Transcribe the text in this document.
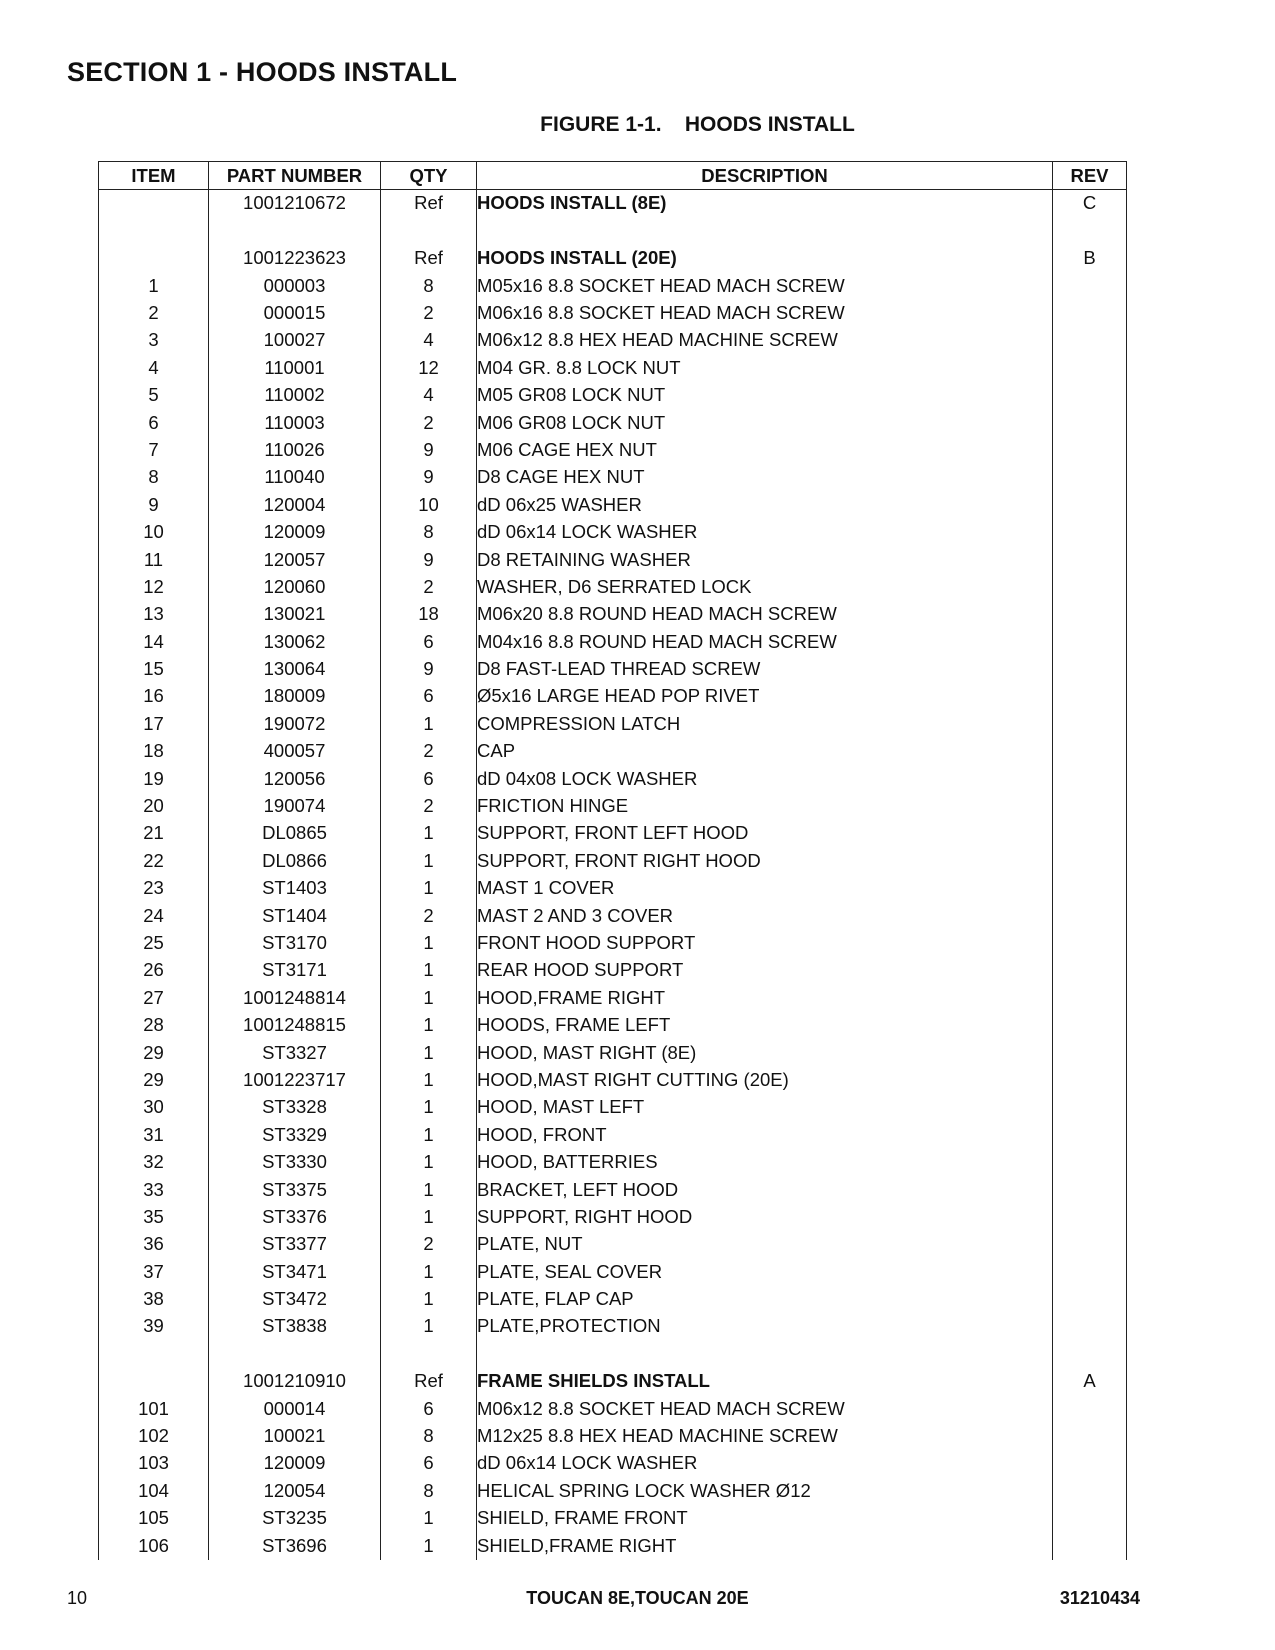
SECTION 1 - HOODS INSTALL
FIGURE 1-1.    HOODS INSTALL
ITEM	PART NUMBER	QTY	DESCRIPTION	REV
	1001210672	Ref	HOODS INSTALL (8E)	C

	1001223623	Ref	HOODS INSTALL (20E)	B
1	000003	8	M05x16 8.8 SOCKET HEAD MACH SCREW	
2	000015	2	M06x16 8.8 SOCKET HEAD MACH SCREW	
3	100027	4	M06x12 8.8 HEX HEAD MACHINE SCREW	
4	110001	12	M04 GR. 8.8 LOCK NUT	
5	110002	4	M05 GR08 LOCK NUT	
6	110003	2	M06 GR08 LOCK NUT	
7	110026	9	M06 CAGE HEX NUT	
8	110040	9	D8 CAGE HEX NUT	
9	120004	10	dD 06x25 WASHER	
10	120009	8	dD 06x14 LOCK WASHER	
11	120057	9	D8 RETAINING WASHER	
12	120060	2	WASHER, D6 SERRATED LOCK	
13	130021	18	M06x20 8.8 ROUND HEAD MACH SCREW	
14	130062	6	M04x16 8.8 ROUND HEAD MACH SCREW	
15	130064	9	D8 FAST-LEAD THREAD SCREW	
16	180009	6	Ø5x16 LARGE HEAD POP RIVET	
17	190072	1	COMPRESSION LATCH	
18	400057	2	CAP	
19	120056	6	dD 04x08 LOCK WASHER	
20	190074	2	FRICTION HINGE	
21	DL0865	1	SUPPORT, FRONT LEFT HOOD	
22	DL0866	1	SUPPORT, FRONT RIGHT HOOD	
23	ST1403	1	MAST 1 COVER	
24	ST1404	2	MAST 2 AND 3 COVER	
25	ST3170	1	FRONT HOOD SUPPORT	
26	ST3171	1	REAR HOOD SUPPORT	
27	1001248814	1	HOOD,FRAME RIGHT	
28	1001248815	1	HOODS, FRAME LEFT	
29	ST3327	1	HOOD, MAST RIGHT (8E)	
29	1001223717	1	HOOD,MAST RIGHT CUTTING (20E)	
30	ST3328	1	HOOD, MAST LEFT	
31	ST3329	1	HOOD, FRONT	
32	ST3330	1	HOOD, BATTERRIES	
33	ST3375	1	BRACKET, LEFT HOOD	
35	ST3376	1	SUPPORT, RIGHT HOOD	
36	ST3377	2	PLATE, NUT	
37	ST3471	1	PLATE, SEAL COVER	
38	ST3472	1	PLATE, FLAP CAP	
39	ST3838	1	PLATE,PROTECTION	

	1001210910	Ref	FRAME SHIELDS INSTALL	A
101	000014	6	M06x12 8.8 SOCKET HEAD MACH SCREW	
102	100021	8	M12x25 8.8 HEX HEAD MACHINE SCREW	
103	120009	6	dD 06x14 LOCK WASHER	
104	120054	8	HELICAL SPRING LOCK WASHER Ø12	
105	ST3235	1	SHIELD, FRAME FRONT	
106	ST3696	1	SHIELD,FRAME RIGHT	
10	TOUCAN 8E,TOUCAN 20E	31210434
